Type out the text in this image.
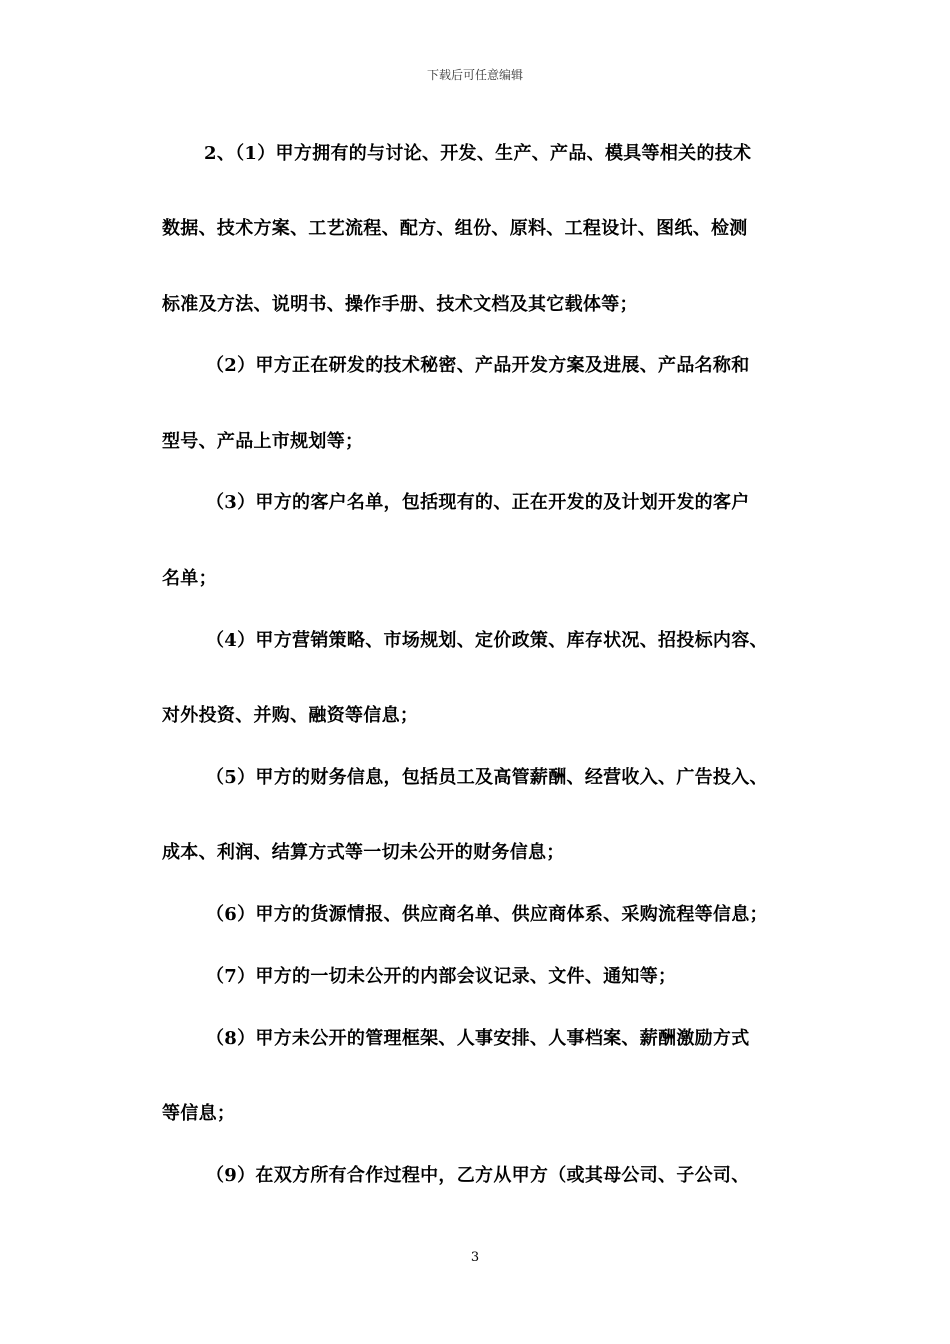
下载后可任意编辑
2、（1）甲方拥有的与讨论、开发、生产、产品、模具等相关的技术
数据、技术方案、工艺流程、配方、组份、原料、工程设计、图纸、检测
标准及方法、说明书、操作手册、技术文档及其它载体等；
（2）甲方正在研发的技术秘密、产品开发方案及进展、产品名称和
型号、产品上市规划等；
（3）甲方的客户名单，包括现有的、正在开发的及计划开发的客户
名单；
（4）甲方营销策略、市场规划、定价政策、库存状况、招投标内容、
对外投资、并购、融资等信息；
（5）甲方的财务信息，包括员工及高管薪酬、经营收入、广告投入、
成本、利润、结算方式等一切未公开的财务信息；
（6）甲方的货源情报、供应商名单、供应商体系、采购流程等信息；
（7）甲方的一切未公开的内部会议记录、文件、通知等；
（8）甲方未公开的管理框架、人事安排、人事档案、薪酬激励方式
等信息；
（9）在双方所有合作过程中，乙方从甲方（或其母公司、子公司、
3
